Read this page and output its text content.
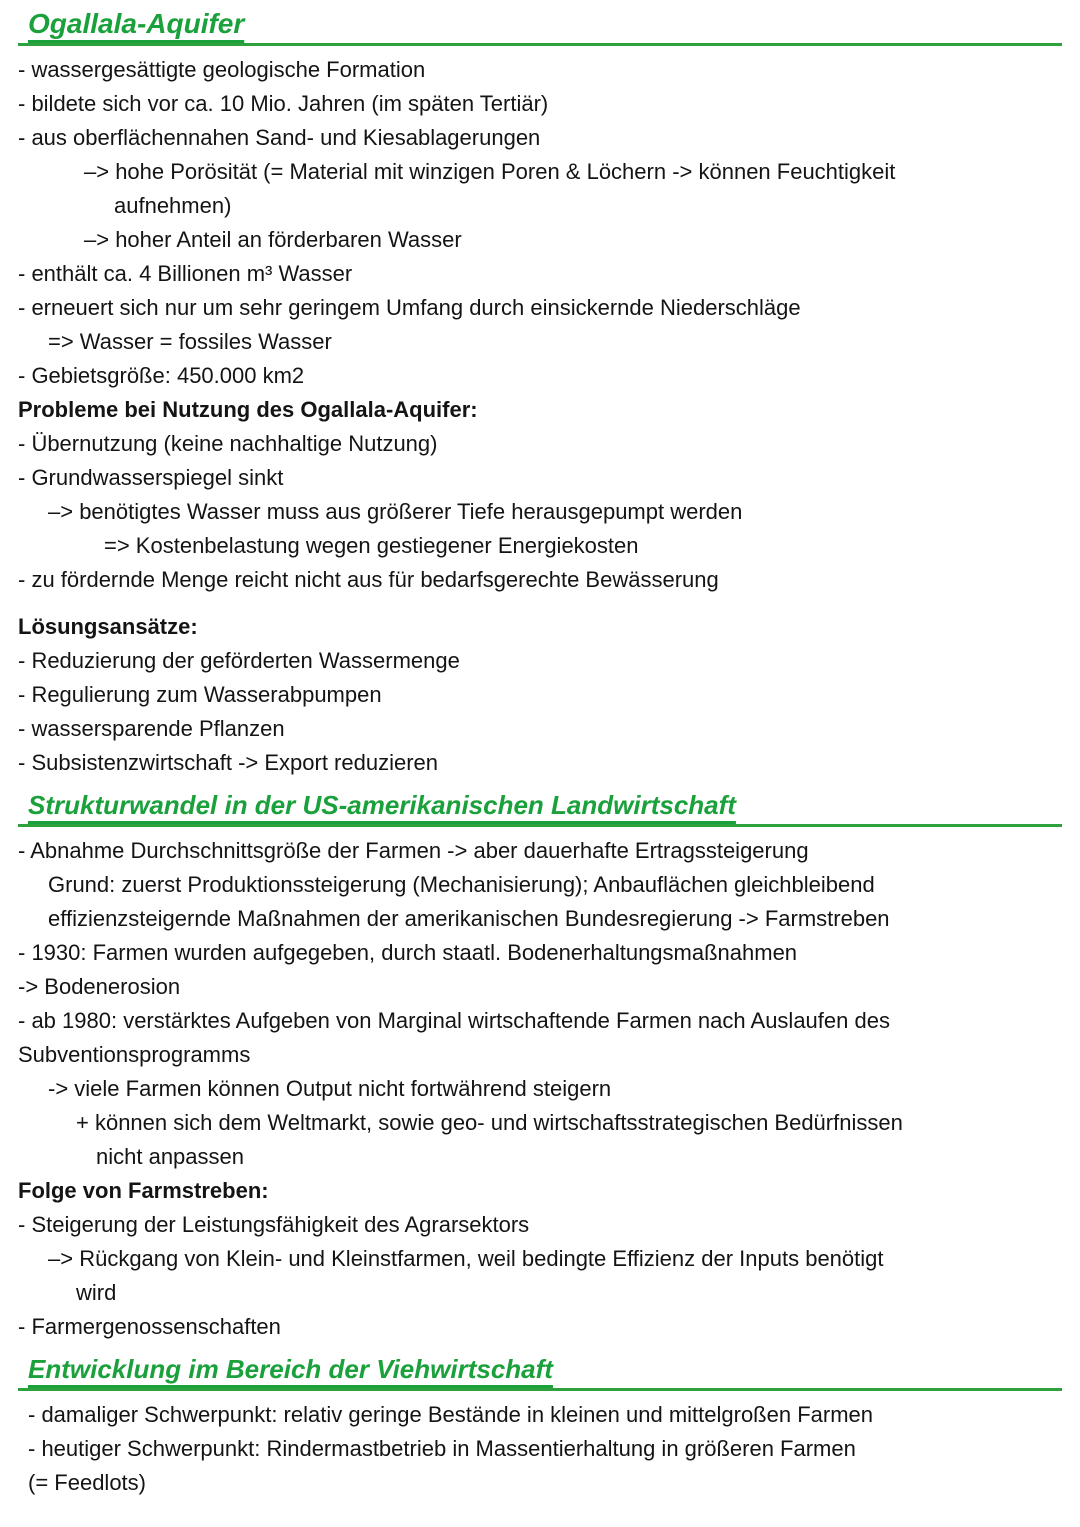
Ogallala-Aquifer
- wassergesättigte geologische Formation
- bildete sich vor ca. 10 Mio. Jahren (im späten Tertiär)
- aus oberflächennahen Sand- und Kiesablagerungen
–> hohe Porösität (= Material mit winzigen Poren & Löchern -> können Feuchtigkeit
aufnehmen)
–> hoher Anteil an förderbaren Wasser
- enthält ca. 4 Billionen m³ Wasser
- erneuert sich nur um sehr geringem Umfang durch einsickernde Niederschläge
=> Wasser = fossiles Wasser
- Gebietsgröße: 450.000 km2
Probleme bei Nutzung des Ogallala-Aquifer:
- Übernutzung (keine nachhaltige Nutzung)
- Grundwasserspiegel sinkt
–> benötigtes Wasser muss aus größerer Tiefe herausgepumpt werden
=> Kostenbelastung wegen gestiegener Energiekosten
- zu fördernde Menge reicht nicht aus für bedarfsgerechte Bewässerung
Lösungsansätze:
- Reduzierung der geförderten Wassermenge
- Regulierung zum Wasserabpumpen
- wassersparende Pflanzen
- Subsistenzwirtschaft -> Export reduzieren
Strukturwandel in der US-amerikanischen Landwirtschaft
- Abnahme Durchschnittsgröße der Farmen -> aber dauerhafte Ertragssteigerung
Grund: zuerst Produktionssteigerung (Mechanisierung); Anbauflächen gleichbleibend
effizienzsteigernde Maßnahmen der amerikanischen Bundesregierung -> Farmstreben
- 1930: Farmen wurden aufgegeben, durch staatl. Bodenerhaltungsmaßnahmen
-> Bodenerosion
- ab 1980: verstärktes Aufgeben von Marginal wirtschaftende Farmen nach Auslaufen des
Subventionsprogramms
-> viele Farmen können Output nicht fortwährend steigern
+ können sich dem Weltmarkt, sowie geo- und wirtschaftsstrategischen Bedürfnissen
nicht anpassen
Folge von Farmstreben:
- Steigerung der Leistungsfähigkeit des Agrarsektors
–> Rückgang von Klein- und Kleinstfarmen, weil bedingte Effizienz der Inputs benötigt
wird
- Farmergenossenschaften
Entwicklung im Bereich der Viehwirtschaft
- damaliger Schwerpunkt: relativ geringe Bestände in kleinen und mittelgroßen Farmen
- heutiger Schwerpunkt: Rindermastbetrieb in Massentierhaltung in größeren Farmen
(= Feedlots)
